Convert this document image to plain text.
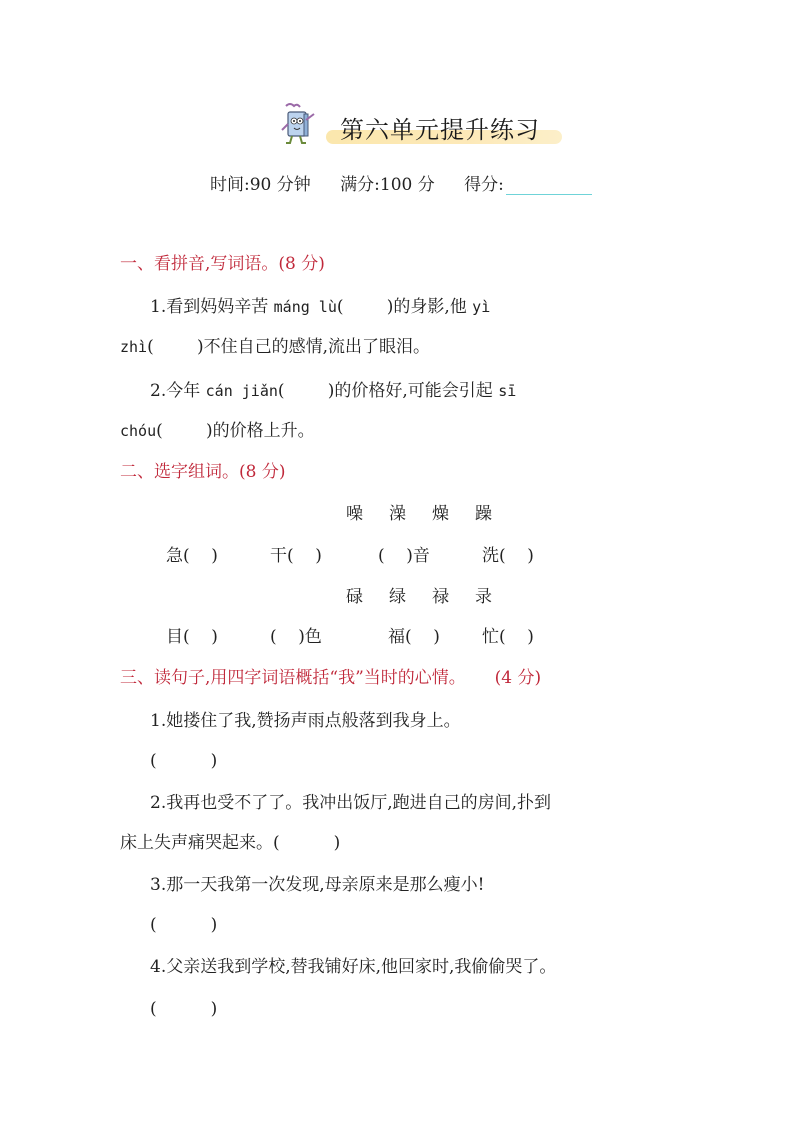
第六单元提升练习
时间:90 分钟 满分:100 分 得分:
一、看拼音,写词语。(8 分)
1.看到妈妈辛苦 máng lù(        )的身影,他 yì
zhì(        )不住自己的感情,流出了眼泪。
2.今年 cán jiǎn(        )的价格好,可能会引起 sī
chóu(        )的价格上升。
二、选字组词。(8 分)
噪 澡 燥 躁
急(    )	干(    )	(    )音	洗(    )
碌 绿 禄 录
目(    )	(    )色	福(    ) 忙(    )
三、读句子,用四字词语概括“我”当时的心情。 (4 分)
1.她搂住了我,赞扬声雨点般落到我身上。
(          )
2.我再也受不了了。我冲出饭厅,跑进自己的房间,扑到
床上失声痛哭起来。(          )
3.那一天我第一次发现,母亲原来是那么瘦小!
(          )
4.父亲送我到学校,替我铺好床,他回家时,我偷偷哭了。
(          )
